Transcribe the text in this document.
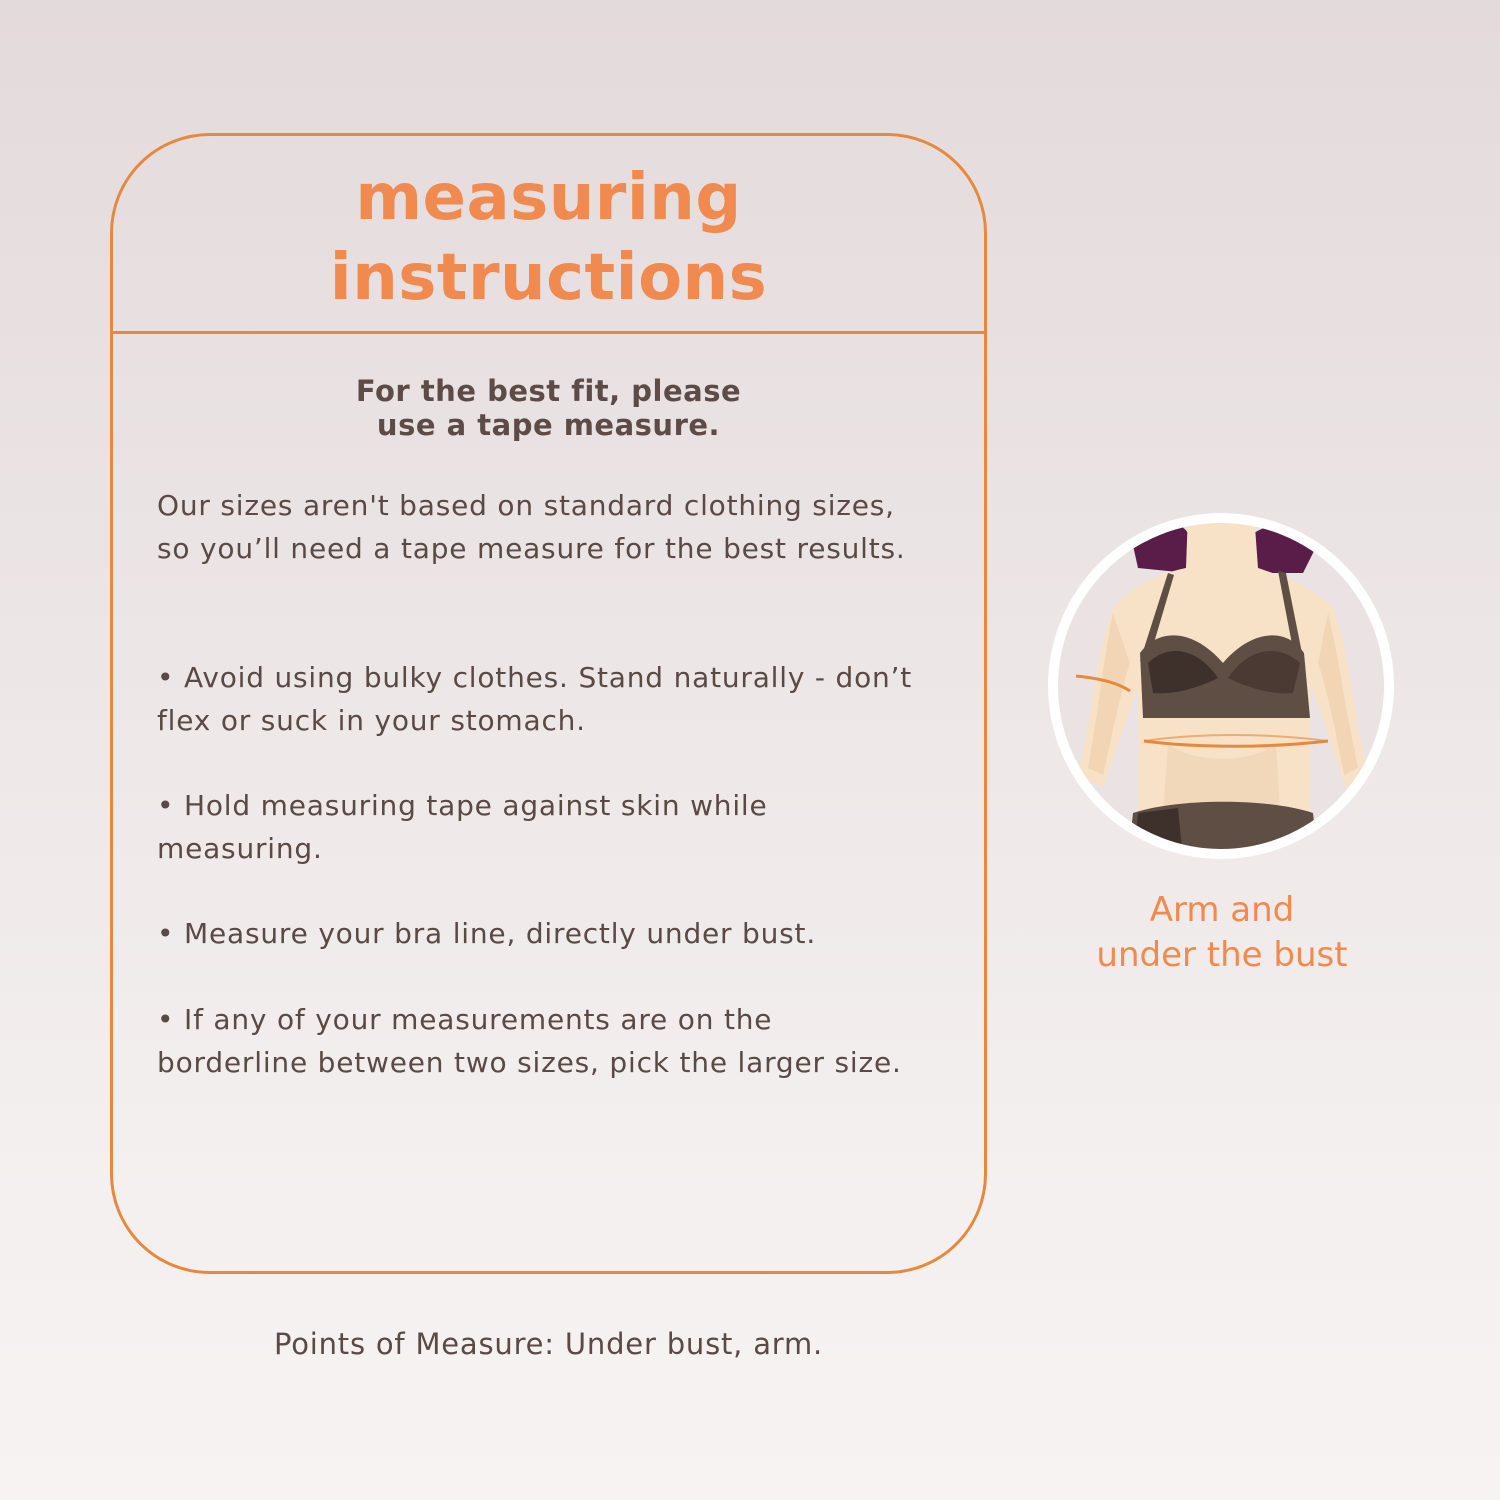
measuring
instructions

For the best fit, please
use a tape measure.

Our sizes aren't based on standard clothing sizes, so you’ll need a tape measure for the best results.

• Avoid using bulky clothes. Stand naturally - don’t flex or suck in your stomach.

• Hold measuring tape against skin while measuring.

• Measure your bra line, directly under bust.

• If any of your measurements are on the borderline between two sizes, pick the larger size.

Points of Measure: Under bust, arm.

Arm and
under the bust
